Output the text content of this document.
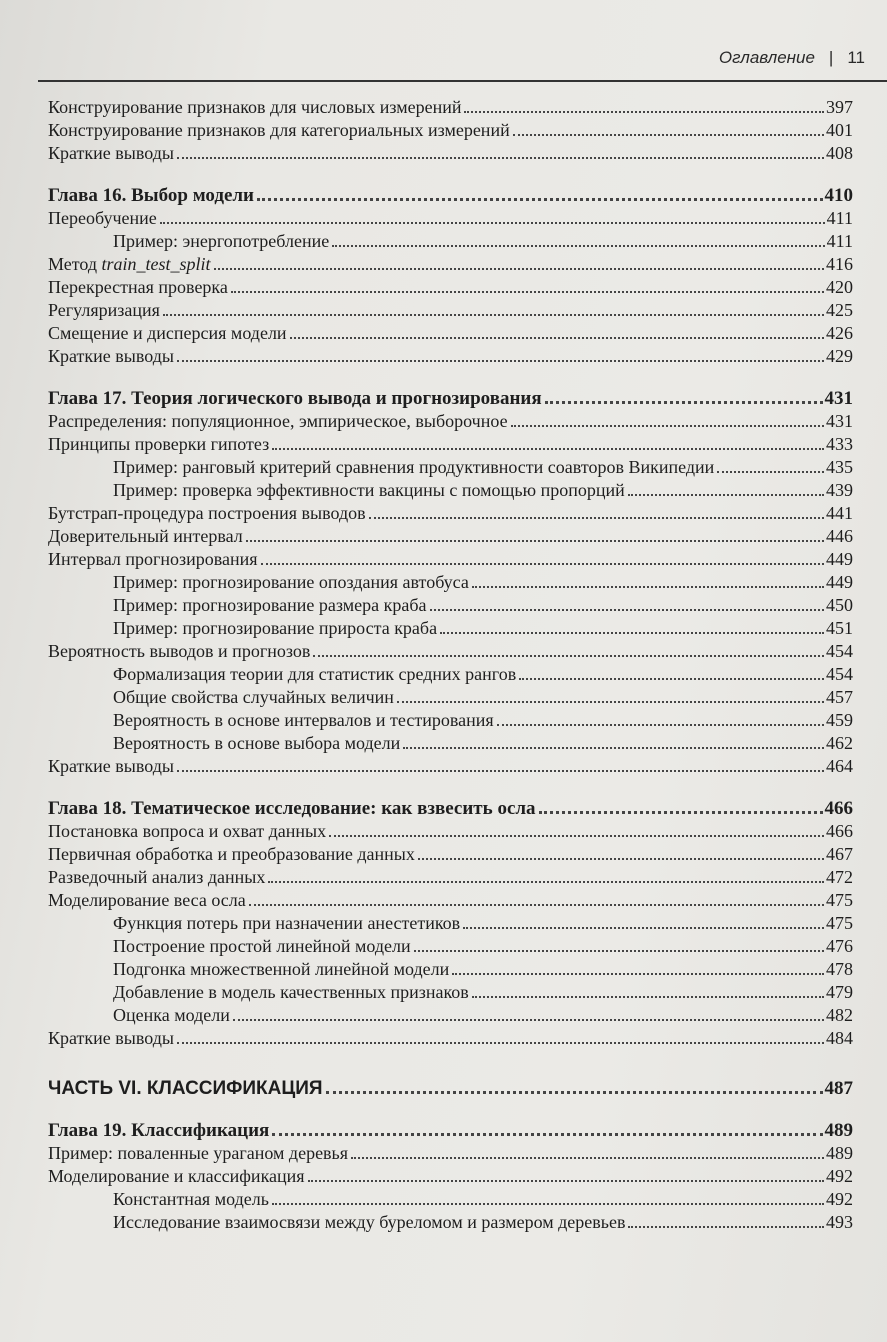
Оглавление | 11
Конструирование признаков для числовых измерений	397
Конструирование признаков для категориальных измерений	401
Краткие выводы	408
Глава 16. Выбор модели	410
Переобучение	411
Пример: энергопотребление	411
Метод train_test_split	416
Перекрестная проверка	420
Регуляризация	425
Смещение и дисперсия модели	426
Краткие выводы	429
Глава 17. Теория логического вывода и прогнозирования	431
Распределения: популяционное, эмпирическое, выборочное	431
Принципы проверки гипотез	433
Пример: ранговый критерий сравнения продуктивности соавторов Википедии	435
Пример: проверка эффективности вакцины с помощью пропорций	439
Бутстрап-процедура построения выводов	441
Доверительный интервал	446
Интервал прогнозирования	449
Пример: прогнозирование опоздания автобуса	449
Пример: прогнозирование размера краба	450
Пример: прогнозирование прироста краба	451
Вероятность выводов и прогнозов	454
Формализация теории для статистик средних рангов	454
Общие свойства случайных величин	457
Вероятность в основе интервалов и тестирования	459
Вероятность в основе выбора модели	462
Краткие выводы	464
Глава 18. Тематическое исследование: как взвесить осла	466
Постановка вопроса и охват данных	466
Первичная обработка и преобразование данных	467
Разведочный анализ данных	472
Моделирование веса осла	475
Функция потерь при назначении анестетиков	475
Построение простой линейной модели	476
Подгонка множественной линейной модели	478
Добавление в модель качественных признаков	479
Оценка модели	482
Краткие выводы	484
ЧАСТЬ VI. КЛАССИФИКАЦИЯ	487
Глава 19. Классификация	489
Пример: поваленные ураганом деревья	489
Моделирование и классификация	492
Константная модель	492
Исследование взаимосвязи между буреломом и размером деревьев	493
